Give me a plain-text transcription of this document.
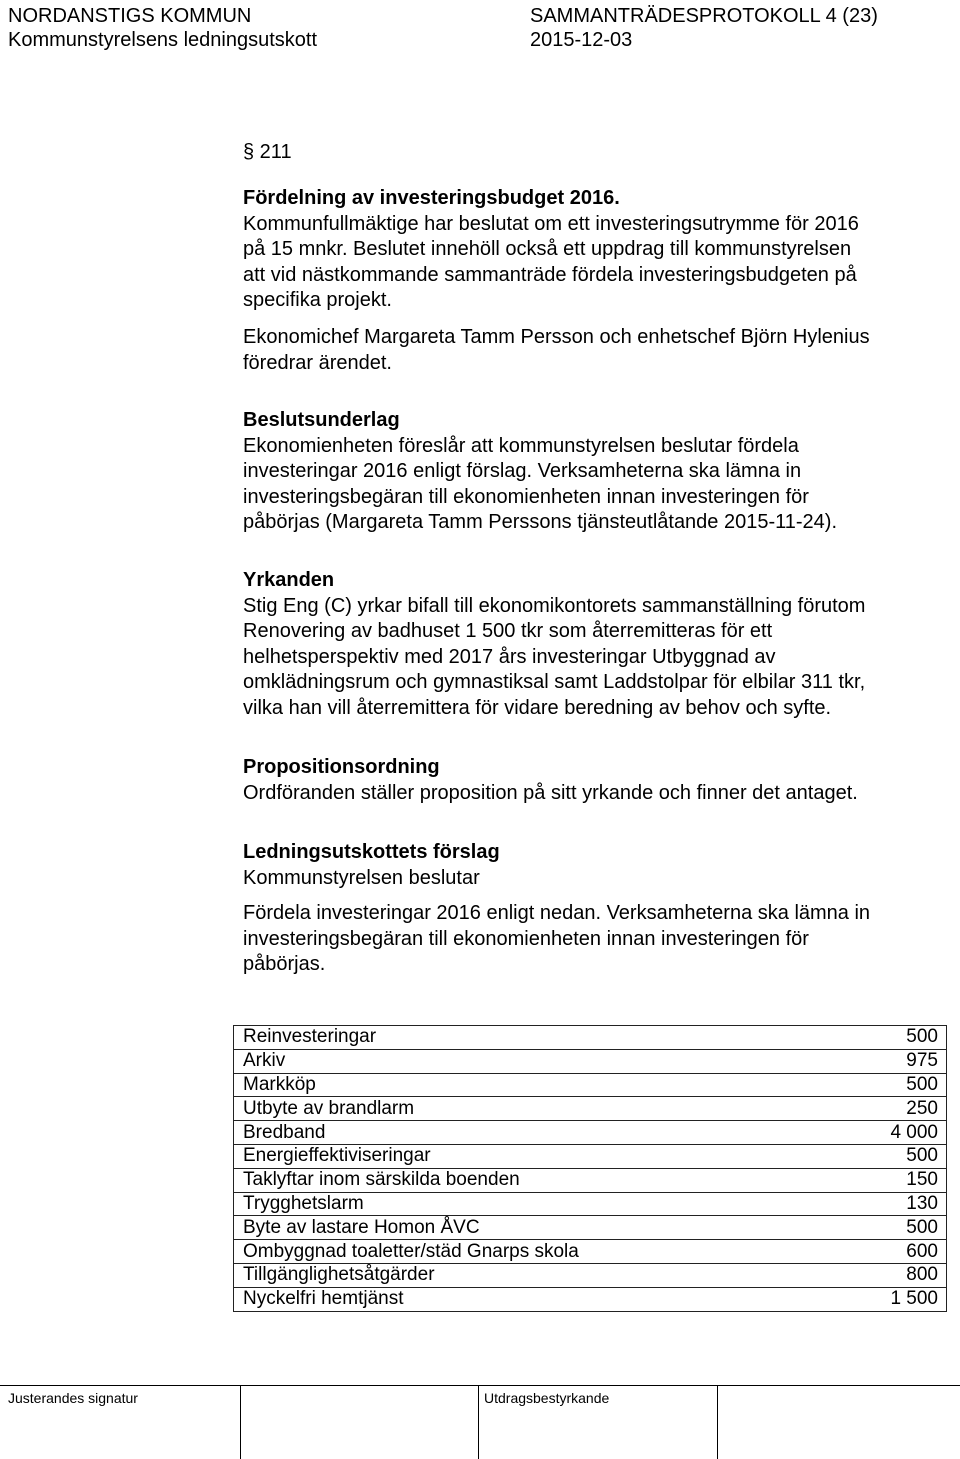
NORDANSTIGS KOMMUN
Kommunstyrelsens ledningsutskott
SAMMANTRÄDESPROTOKOLL 4 (23)
2015-12-03

§ 211

Fördelning av investeringsbudget 2016.

Kommunfullmäktige har beslutat om ett investeringsutrymme för 2016

på 15 mnkr. Beslutet innehöll också ett uppdrag till kommunstyrelsen

att vid nästkommande sammanträde fördela investeringsbudgeten på

specifika projekt.

Ekonomichef Margareta Tamm Persson och enhetschef Björn Hylenius

föredrar ärendet.

Beslutsunderlag

Ekonomienheten föreslår att kommunstyrelsen beslutar fördela

investeringar 2016 enligt förslag. Verksamheterna ska lämna in

investeringsbegäran till ekonomienheten innan investeringen för

påbörjas (Margareta Tamm Perssons tjänsteutlåtande 2015-11-24).

Yrkanden

Stig Eng (C) yrkar bifall till ekonomikontorets sammanställning förutom

Renovering av badhuset 1 500 tkr som återremitteras för ett

helhetsperspektiv med 2017 års investeringar Utbyggnad av

omklädningsrum och gymnastiksal samt Laddstolpar för elbilar 311 tkr,

vilka han vill återremittera för vidare beredning av behov och syfte.

Propositionsordning

Ordföranden ställer proposition på sitt yrkande och finner det antaget.

Ledningsutskottets förslag

Kommunstyrelsen beslutar

Fördela investeringar 2016 enligt nedan. Verksamheterna ska lämna in

investeringsbegäran till ekonomienheten innan investeringen för

påbörjas.

Reinvesteringar	500
Arkiv	975
Markköp	500
Utbyte av brandlarm	250
Bredband	4 000
Energieffektiviseringar	500
Taklyftar inom särskilda boenden	150
Trygghetslarm	130
Byte av lastare Homon ÅVC	500
Ombyggnad toaletter/städ Gnarps skola	600
Tillgänglighetsåtgärder	800
Nyckelfri hemtjänst	1 500
Justerandes signatur	Utdragsbestyrkande
